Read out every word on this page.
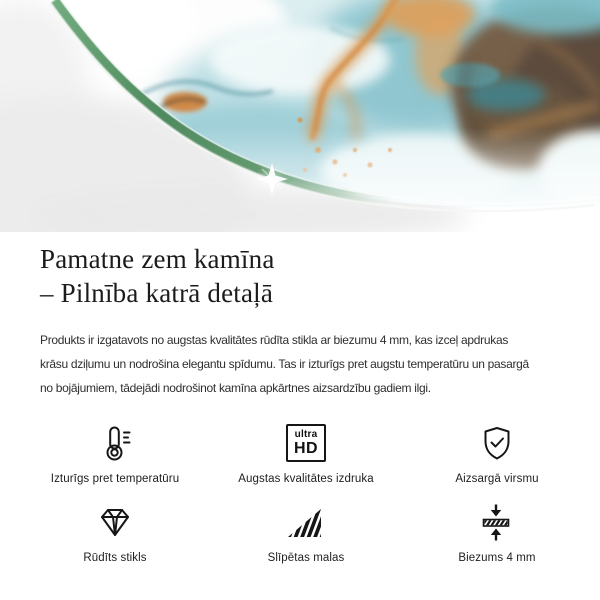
Pamatne zem kamīna
– Pilnība katrā detaļā
Produkts ir izgatavots no augstas kvalitātes rūdīta stikla ar biezumu 4 mm, kas izceļ apdrukas
krāsu dziļumu un nodrošina elegantu spīdumu. Tas ir izturīgs pret augstu temperatūru un pasargā
no bojājumiem, tādejādi nodrošinot kamīna apkārtnes aizsardzību gadiem ilgi.
Izturīgs pret temperatūru
ultra
HD
Augstas kvalitātes izdruka	Aizsargā virsmu
Rūdīts stikls	Slīpētas malas	Biezums 4 mm
